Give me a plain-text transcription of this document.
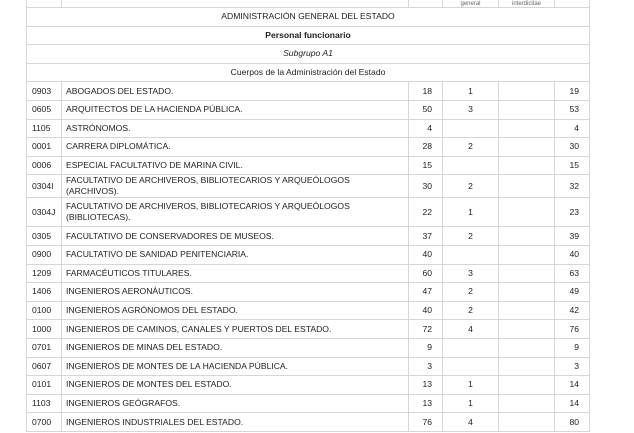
			general	interdicitae	
ADMINISTRACIÓN GENERAL DEL ESTADO					
Personal funcionario					
Subgrupo A1					
Cuerpos de la Administración del Estado					
0903	ABOGADOS DEL ESTADO.	18	1		19
0605	ARQUITECTOS DE LA HACIENDA PÚBLICA.	50	3		53
1105	ASTRÓNOMOS.	4			4
0001	CARRERA DIPLOMÁTICA.	28	2		30
0006	ESPECIAL FACULTATIVO DE MARINA CIVIL.	15			15
0304I	FACULTATIVO DE ARCHIVEROS, BIBLIOTECARIOS Y ARQUEÓLOGOS (ARCHIVOS).	30	2		32
0304J	FACULTATIVO DE ARCHIVEROS, BIBLIOTECARIOS Y ARQUEÓLOGOS (BIBLIOTECAS).	22	1		23
0305	FACULTATIVO DE CONSERVADORES DE MUSEOS.	37	2		39
0900	FACULTATIVO DE SANIDAD PENITENCIARIA.	40			40
1209	FARMACÉUTICOS TITULARES.	60	3		63
1406	INGENIEROS AERONÁUTICOS.	47	2		49
0100	INGENIEROS AGRÓNOMOS DEL ESTADO.	40	2		42
1000	INGENIEROS DE CAMINOS, CANALES Y PUERTOS DEL ESTADO.	72	4		76
0701	INGENIEROS DE MINAS DEL ESTADO.	9			9
0607	INGENIEROS DE MONTES DE LA HACIENDA PÚBLICA.	3			3
0101	INGENIEROS DE MONTES DEL ESTADO.	13	1		14
1103	INGENIEROS GEÓGRAFOS.	13	1		14
0700	INGENIEROS INDUSTRIALES DEL ESTADO.	76	4		80
